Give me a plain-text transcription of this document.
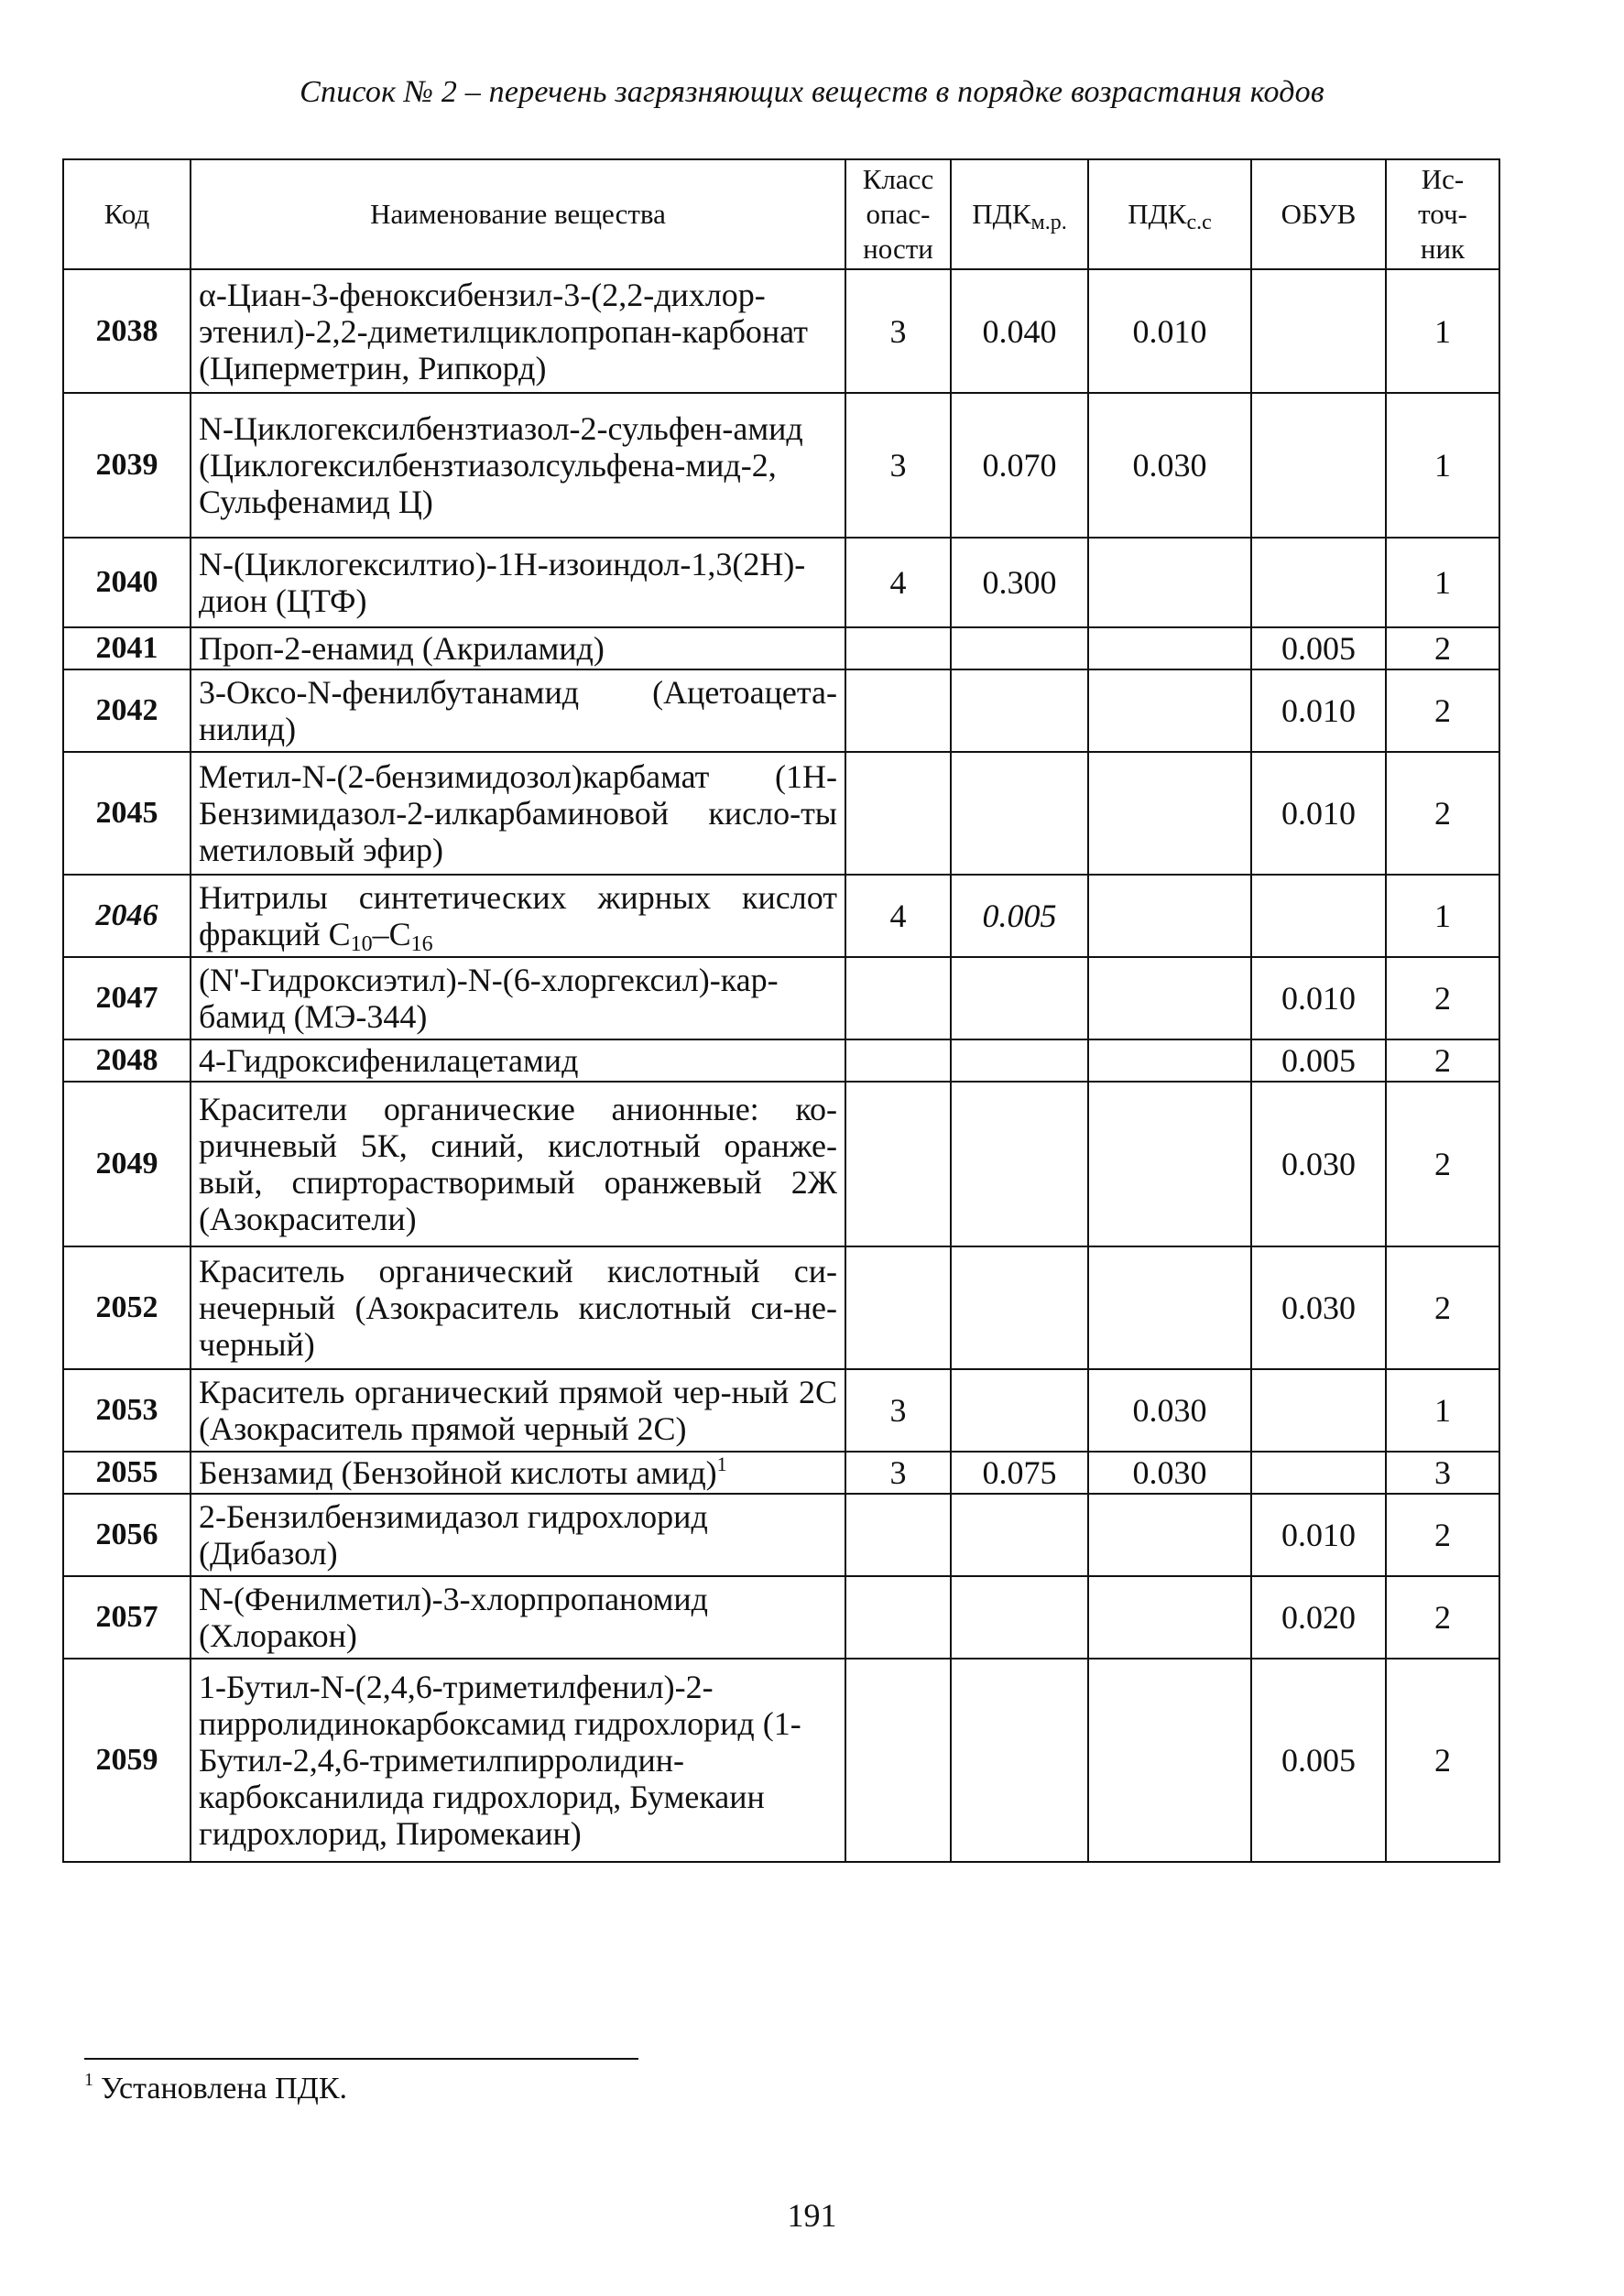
Список № 2 – перечень загрязняющих веществ в порядке возрастания кодов
Код	Наименование вещества	Класс
опас-
ности	$ПДК_{м.р.}$	$ПДК_{с.с}$	ОБУВ	Ис-
точ-
ник
2038	α-Циан-3-феноксибензил-3-(2,2-дихлор-этенил)-2,2-диметилциклопропан-карбонат (Циперметрин, Рипкорд)	3	0.040	0.010		1
2039	N-Циклогексилбензтиазол-2-сульфен-амид (Циклогексилбензтиазолсульфена-мид-2, Сульфенамид Ц)	3	0.070	0.030		1
2040	N-(Циклогексилтио)-1Н-изоиндол-1,3(2Н)-дион (ЦТФ)	4	0.300			1
2041	Проп-2-енамид (Акриламид)				0.005	2
2042	3-Оксо-N-фенилбутанамид (Ацетоацета-нилид)				0.010	2
2045	Метил-N-(2-бензимидозол)карбамат (1Н-Бензимидазол-2-илкарбаминовой кисло-ты метиловый эфир)				0.010	2
2046	Нитрилы синтетических жирных кислот фракций $С_{10}-С_{16}$	4	0.005			1
2047	(N'-Гидроксиэтил)-N-(6-хлоргексил)-кар-бамид (МЭ-344)				0.010	2
2048	4-Гидроксифенилацетамид				0.005	2
2049	Красители органические анионные: ко-ричневый 5К, синий, кислотный оранже-вый, спирторастворимый оранжевый 2Ж (Азокрасители)				0.030	2
2052	Краситель органический кислотный си-нечерный (Азокраситель кислотный си-не-черный)				0.030	2
2053	Краситель органический прямой чер-ный 2С (Азокраситель прямой черный 2С)	3		0.030		1
2055	Бензамид (Бензойной кислоты амид)$^1$	3	0.075	0.030		3
2056	2-Бензилбензимидазол гидрохлорид (Дибазол)				0.010	2
2057	N-(Фенилметил)-3-хлорпропаномид (Хлоракон)				0.020	2
2059	1-Бутил-N-(2,4,6-триметилфенил)-2-пирролидинокарбоксамид гидрохлорид (1-Бутил-2,4,6-триметилпирролидин-карбоксанилида гидрохлорид, Бумекаин гидрохлорид, Пиромекаин)				0.005	2
$^1$ Установлена ПДК.
191
